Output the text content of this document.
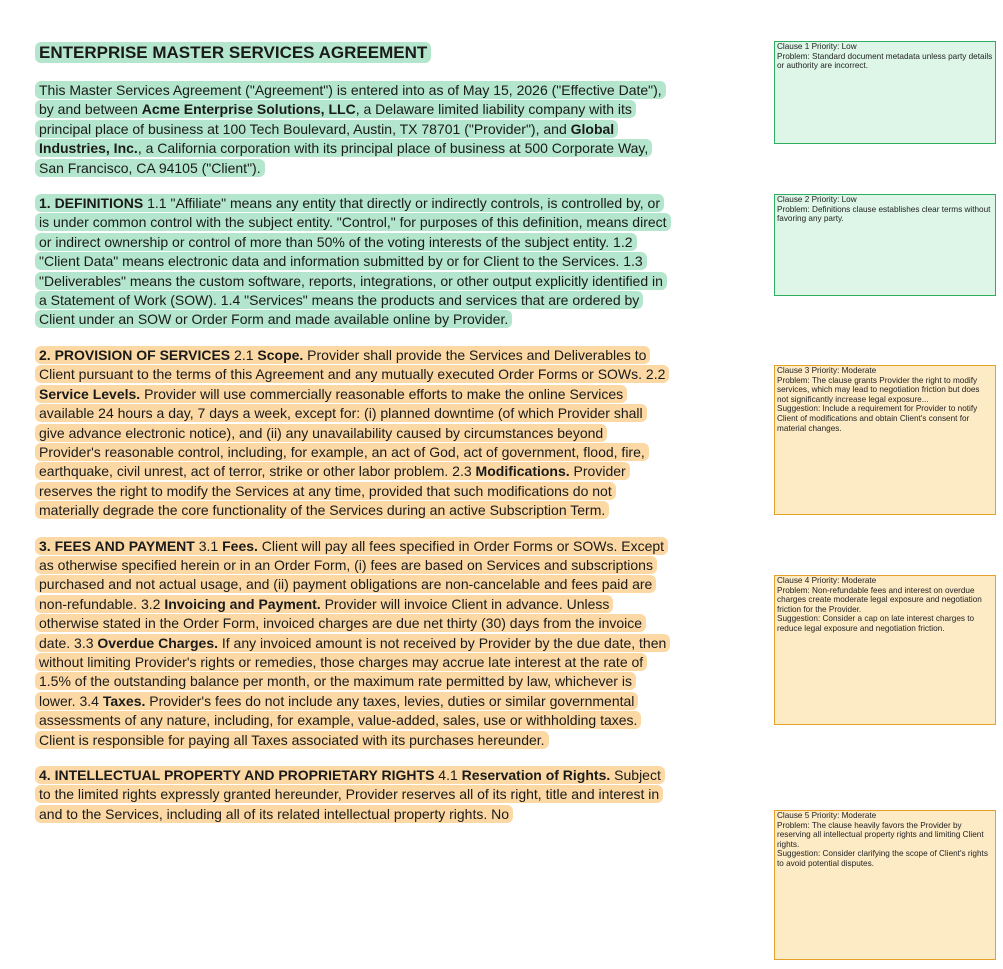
ENTERPRISE MASTER SERVICES AGREEMENT
This Master Services Agreement ("Agreement") is entered into as of May 15, 2026 ("Effective Date"), by and between Acme Enterprise Solutions, LLC, a Delaware limited liability company with its principal place of business at 100 Tech Boulevard, Austin, TX 78701 ("Provider"), and Global Industries, Inc., a California corporation with its principal place of business at 500 Corporate Way, San Francisco, CA 94105 ("Client").
1. DEFINITIONS 1.1 "Affiliate" means any entity that directly or indirectly controls, is controlled by, or is under common control with the subject entity. "Control," for purposes of this definition, means direct or indirect ownership or control of more than 50% of the voting interests of the subject entity. 1.2 "Client Data" means electronic data and information submitted by or for Client to the Services. 1.3 "Deliverables" means the custom software, reports, integrations, or other output explicitly identified in a Statement of Work (SOW). 1.4 "Services" means the products and services that are ordered by Client under an SOW or Order Form and made available online by Provider.
2. PROVISION OF SERVICES 2.1 Scope. Provider shall provide the Services and Deliverables to Client pursuant to the terms of this Agreement and any mutually executed Order Forms or SOWs. 2.2 Service Levels. Provider will use commercially reasonable efforts to make the online Services available 24 hours a day, 7 days a week, except for: (i) planned downtime (of which Provider shall give advance electronic notice), and (ii) any unavailability caused by circumstances beyond Provider's reasonable control, including, for example, an act of God, act of government, flood, fire, earthquake, civil unrest, act of terror, strike or other labor problem. 2.3 Modifications. Provider reserves the right to modify the Services at any time, provided that such modifications do not materially degrade the core functionality of the Services during an active Subscription Term.
3. FEES AND PAYMENT 3.1 Fees. Client will pay all fees specified in Order Forms or SOWs. Except as otherwise specified herein or in an Order Form, (i) fees are based on Services and subscriptions purchased and not actual usage, and (ii) payment obligations are non-cancelable and fees paid are non-refundable. 3.2 Invoicing and Payment. Provider will invoice Client in advance. Unless otherwise stated in the Order Form, invoiced charges are due net thirty (30) days from the invoice date. 3.3 Overdue Charges. If any invoiced amount is not received by Provider by the due date, then without limiting Provider's rights or remedies, those charges may accrue late interest at the rate of 1.5% of the outstanding balance per month, or the maximum rate permitted by law, whichever is lower. 3.4 Taxes. Provider's fees do not include any taxes, levies, duties or similar governmental assessments of any nature, including, for example, value-added, sales, use or withholding taxes. Client is responsible for paying all Taxes associated with its purchases hereunder.
4. INTELLECTUAL PROPERTY AND PROPRIETARY RIGHTS 4.1 Reservation of Rights. Subject to the limited rights expressly granted hereunder, Provider reserves all of its right, title and interest in and to the Services, including all of its related intellectual property rights. No
Clause 1 Priority: Low
Problem: Standard document metadata unless party details or authority are incorrect.
Clause 2 Priority: Low
Problem: Definitions clause establishes clear terms without favoring any party.
Clause 3 Priority: Moderate
Problem: The clause grants Provider the right to modify services, which may lead to negotiation friction but does not significantly increase legal exposure...
Suggestion: Include a requirement for Provider to notify Client of modifications and obtain Client's consent for material changes.
Clause 4 Priority: Moderate
Problem: Non-refundable fees and interest on overdue charges create moderate legal exposure and negotiation friction for the Provider.
Suggestion: Consider a cap on late interest charges to reduce legal exposure and negotiation friction.
Clause 5 Priority: Moderate
Problem: The clause heavily favors the Provider by reserving all intellectual property rights and limiting Client rights.
Suggestion: Consider clarifying the scope of Client's rights to avoid potential disputes.
